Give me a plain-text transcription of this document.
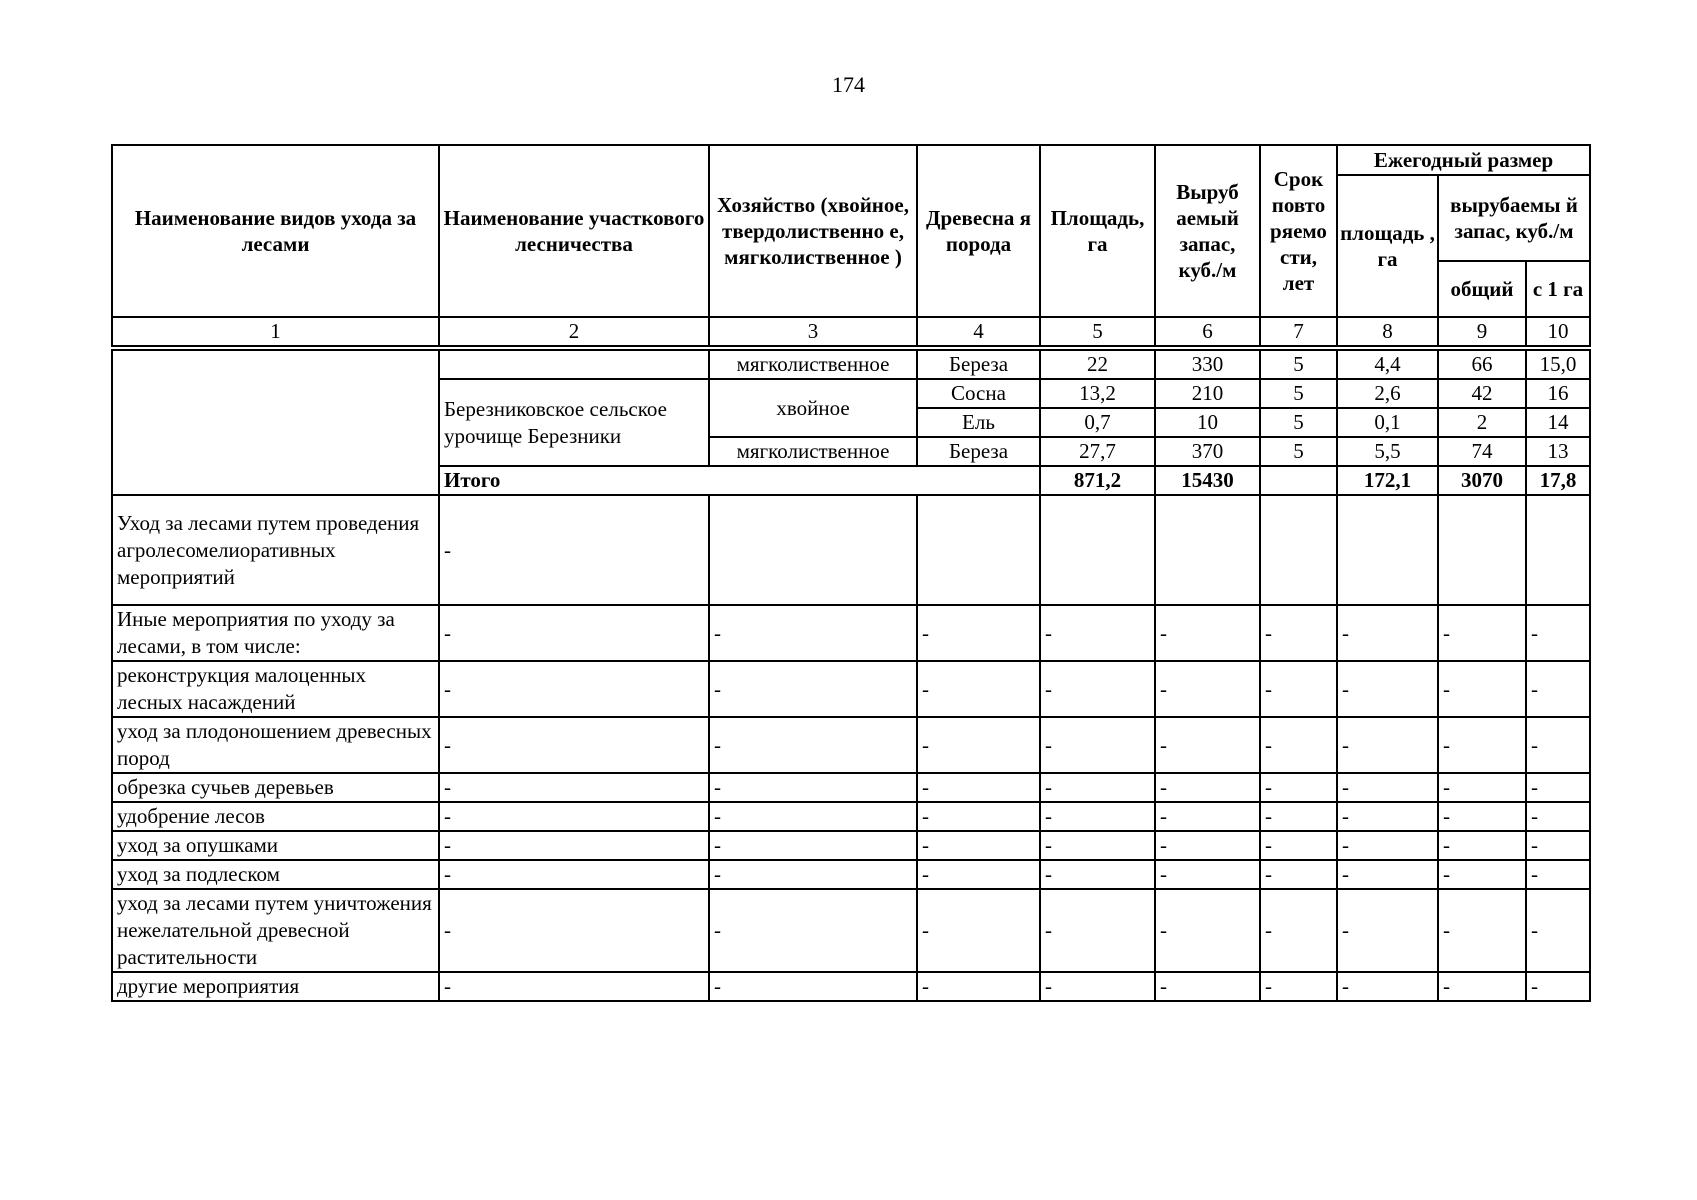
174
Наименование видов ухода за лесами	Наименование участкового лесничества	Хозяйство (хвойное, твердолиственно е, мягколиственное )	Древесна я порода	Площадь, га	Выруб аемый запас, куб./м	Срок повто ряемо сти, лет	Ежегодный размер		
							площадь , га	вырубаемы й запас, куб./м	
								общий	с 1 га
1	2	3	4	5	6	7	8	9	10
		мягколиственное	Береза	22	330	5	4,4	66	15,0
	Березниковское сельское урочище Березники	хвойное	Сосна	13,2	210	5	2,6	42	16
			Ель	0,7	10	5	0,1	2	14
		мягколиственное	Береза	27,7	370	5	5,5	74	13
	Итого			871,2	15430		172,1	3070	17,8
Уход за лесами путем проведения агролесомелиоративных мероприятий	-								
Иные мероприятия по уходу за лесами, в том числе:	-	-	-	-	-	-	-	-	-
реконструкция малоценных лесных насаждений	-	-	-	-	-	-	-	-	-
уход за плодоношением древесных пород	-	-	-	-	-	-	-	-	-
обрезка сучьев деревьев	-	-	-	-	-	-	-	-	-
удобрение лесов	-	-	-	-	-	-	-	-	-
уход за опушками	-	-	-	-	-	-	-	-	-
уход за подлеском	-	-	-	-	-	-	-	-	-
уход за лесами путем уничтожения нежелательной древесной растительности	-	-	-	-	-	-	-	-	-
другие мероприятия	-	-	-	-	-	-	-	-	-
